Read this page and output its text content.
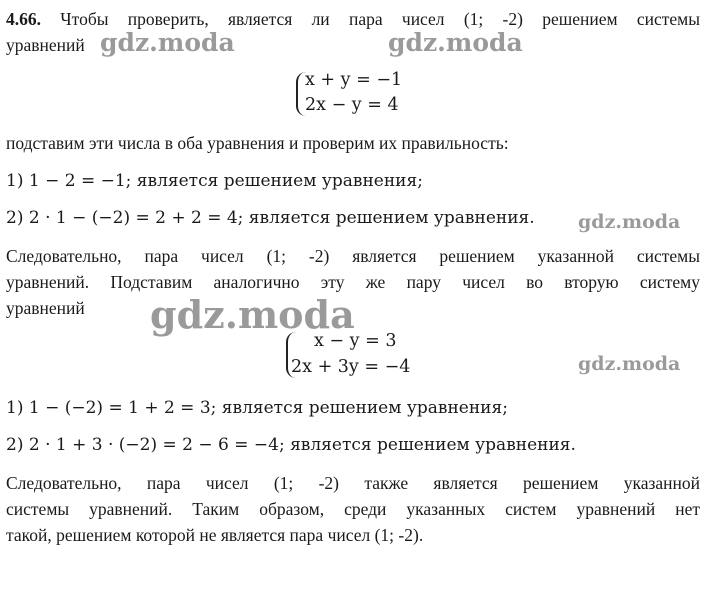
4.66. Чтобы проверить, является ли пара чисел (1; -2) решением системы

уравнений

x + y = −1
2x − y = 4

подставим эти числа в оба уравнения и проверим их правильность:

1) 1 − 2 = −1; является решением уравнения;

2) 2 · 1 − (−2) = 2 + 2 = 4; является решением уравнения.

Следовательно, пара чисел (1; -2) является решением указанной системы

уравнений. Подставим аналогично эту же пару чисел во вторую систему

уравнений

x − y = 3
2x + 3y = −4

1) 1 − (−2) = 1 + 2 = 3; является решением уравнения;

2) 2 · 1 + 3 · (−2) = 2 − 6 = −4; является решением уравнения.

Следовательно, пара чисел (1; -2) также является решением указанной

системы уравнений. Таким образом, среди указанных систем уравнений нет

такой, решением которой не является пара чисел (1; -2).

gdz.moda	gdz.moda
gdz.moda
gdz.moda
gdz.moda
